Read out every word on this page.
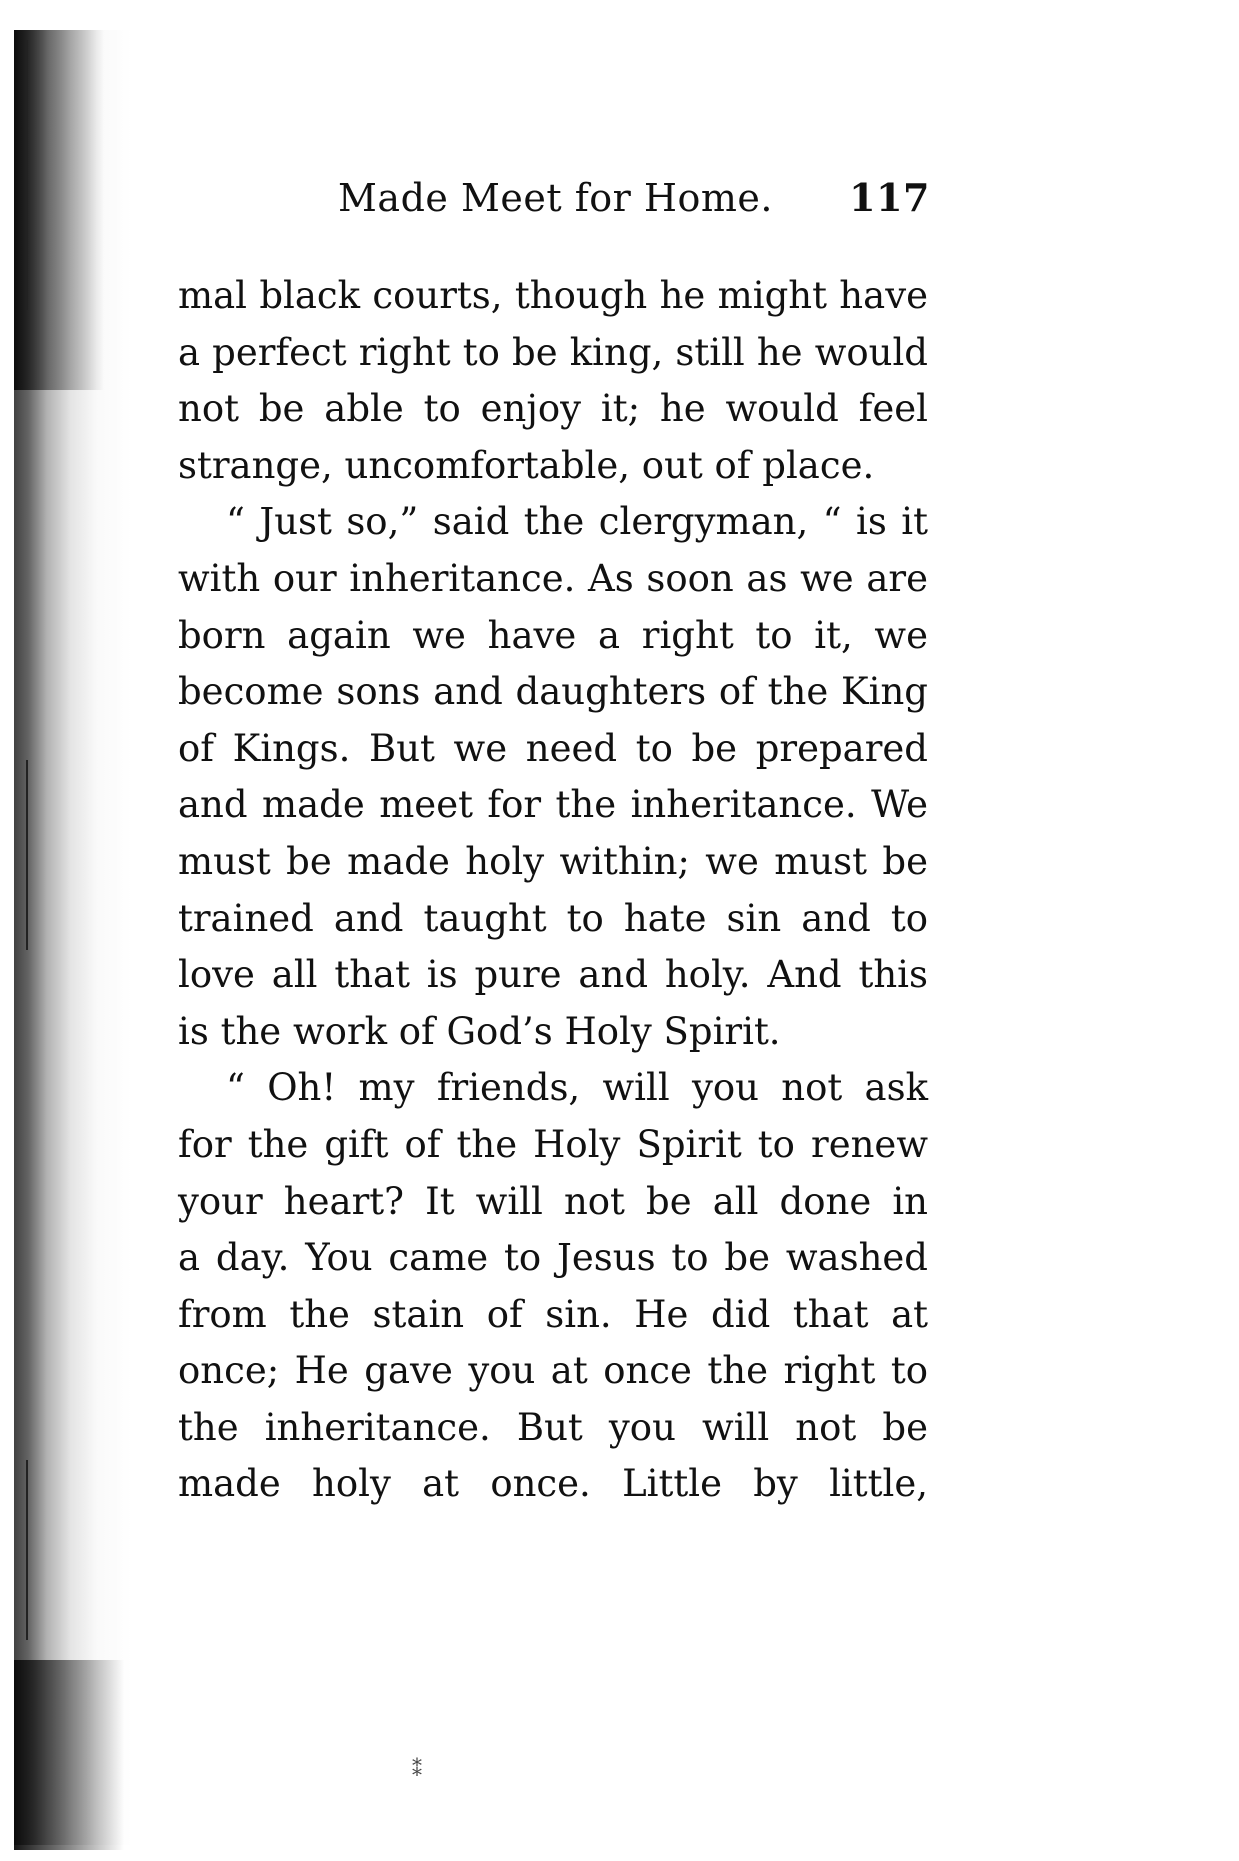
Made Meet for Home. 117
mal black courts, though he might have
a perfect right to be king, still he would
not be able to enjoy it; he would feel
strange, uncomfortable, out of place.
“ Just so,” said the clergyman, “ is it
with our inheritance. As soon as we are
born again we have a right to it, we
become sons and daughters of the King
of Kings. But we need to be prepared
and made meet for the inheritance. We
must be made holy within; we must be
trained and taught to hate sin and to
love all that is pure and holy. And this
is the work of God’s Holy Spirit.
“ Oh! my friends, will you not ask
for the gift of the Holy Spirit to renew
your heart? It will not be all done in
a day. You came to Jesus to be washed
from the stain of sin. He did that at
once; He gave you at once the right to
the inheritance. But you will not be
made holy at once. Little by little,
⁑
